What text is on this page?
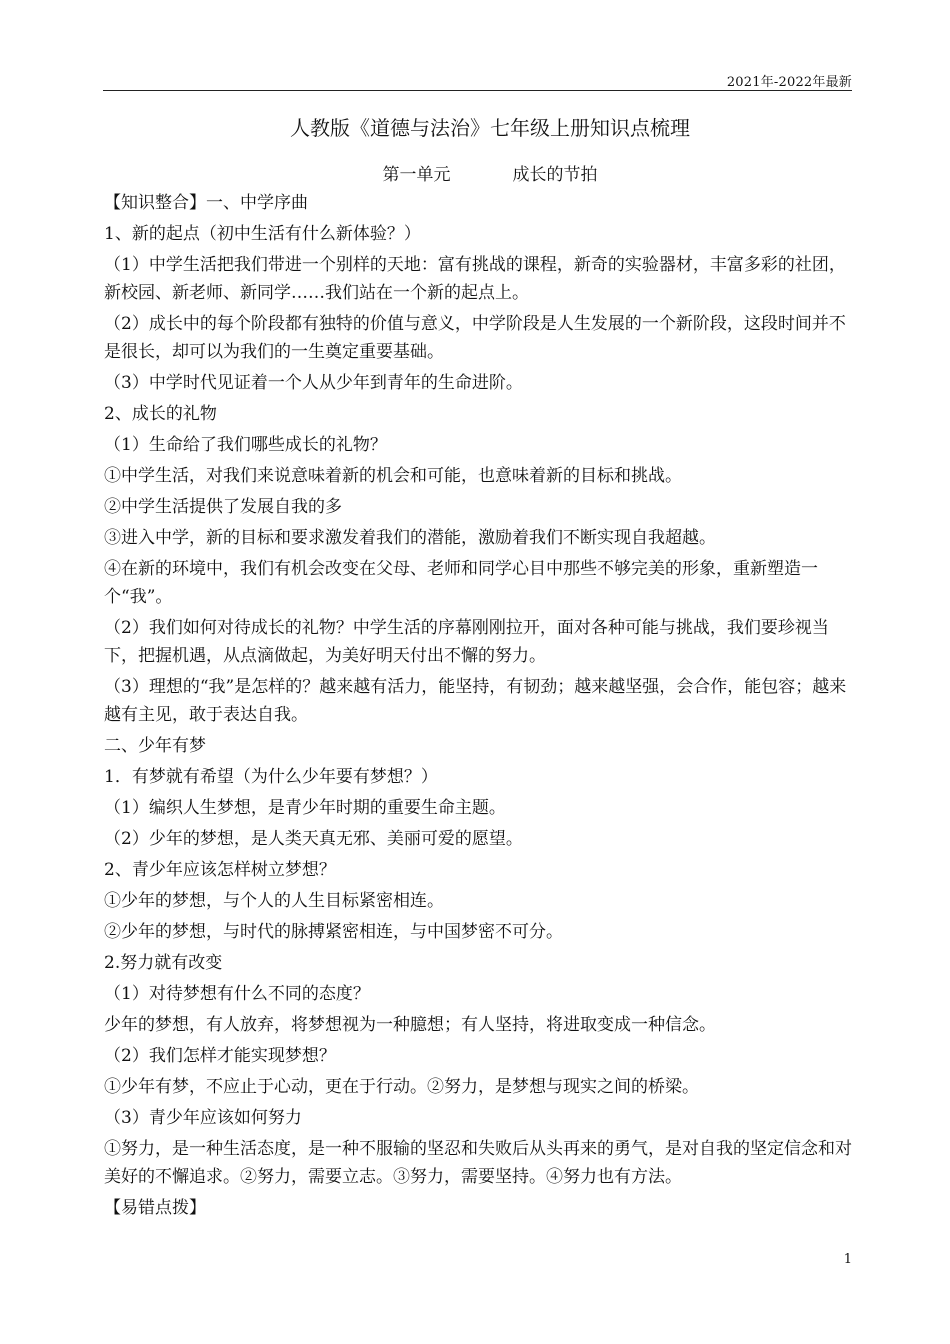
2021年-2022年最新
人教版《道德与法治》七年级上册知识点梳理
第一单元	成长的节拍

【知识整合】一、中学序曲

1、新的起点（初中生活有什么新体验？）

（1）中学生活把我们带进一个别样的天地：富有挑战的课程，新奇的实验器材，丰富多彩的社团，新校园、新老师、新同学……我们站在一个新的起点上。

（2）成长中的每个阶段都有独特的价值与意义，中学阶段是人生发展的一个新阶段，这段时间并不是很长，却可以为我们的一生奠定重要基础。

（3）中学时代见证着一个人从少年到青年的生命进阶。

2、成长的礼物

（1）生命给了我们哪些成长的礼物？

①中学生活，对我们来说意味着新的机会和可能，也意味着新的目标和挑战。

②中学生活提供了发展自我的多

③进入中学，新的目标和要求激发着我们的潜能，激励着我们不断实现自我超越。

④在新的环境中，我们有机会改变在父母、老师和同学心目中那些不够完美的形象，重新塑造一个“我”。

（2）我们如何对待成长的礼物？中学生活的序幕刚刚拉开，面对各种可能与挑战，我们要珍视当下，把握机遇，从点滴做起，为美好明天付出不懈的努力。

（3）理想的“我”是怎样的？越来越有活力，能坚持，有韧劲；越来越坚强，会合作，能包容；越来越有主见，敢于表达自我。

二、少年有梦

1．有梦就有希望（为什么少年要有梦想？）

（1）编织人生梦想，是青少年时期的重要生命主题。

（2）少年的梦想，是人类天真无邪、美丽可爱的愿望。

2、青少年应该怎样树立梦想？

①少年的梦想，与个人的人生目标紧密相连。

②少年的梦想，与时代的脉搏紧密相连，与中国梦密不可分。

2.努力就有改变

（1）对待梦想有什么不同的态度？

少年的梦想，有人放弃，将梦想视为一种臆想；有人坚持，将进取变成一种信念。

（2）我们怎样才能实现梦想？

①少年有梦，不应止于心动，更在于行动。②努力，是梦想与现实之间的桥梁。

（3）青少年应该如何努力

①努力，是一种生活态度，是一种不服输的坚忍和失败后从头再来的勇气，是对自我的坚定信念和对美好的不懈追求。②努力，需要立志。③努力，需要坚持。④努力也有方法。

【易错点拨】

1
